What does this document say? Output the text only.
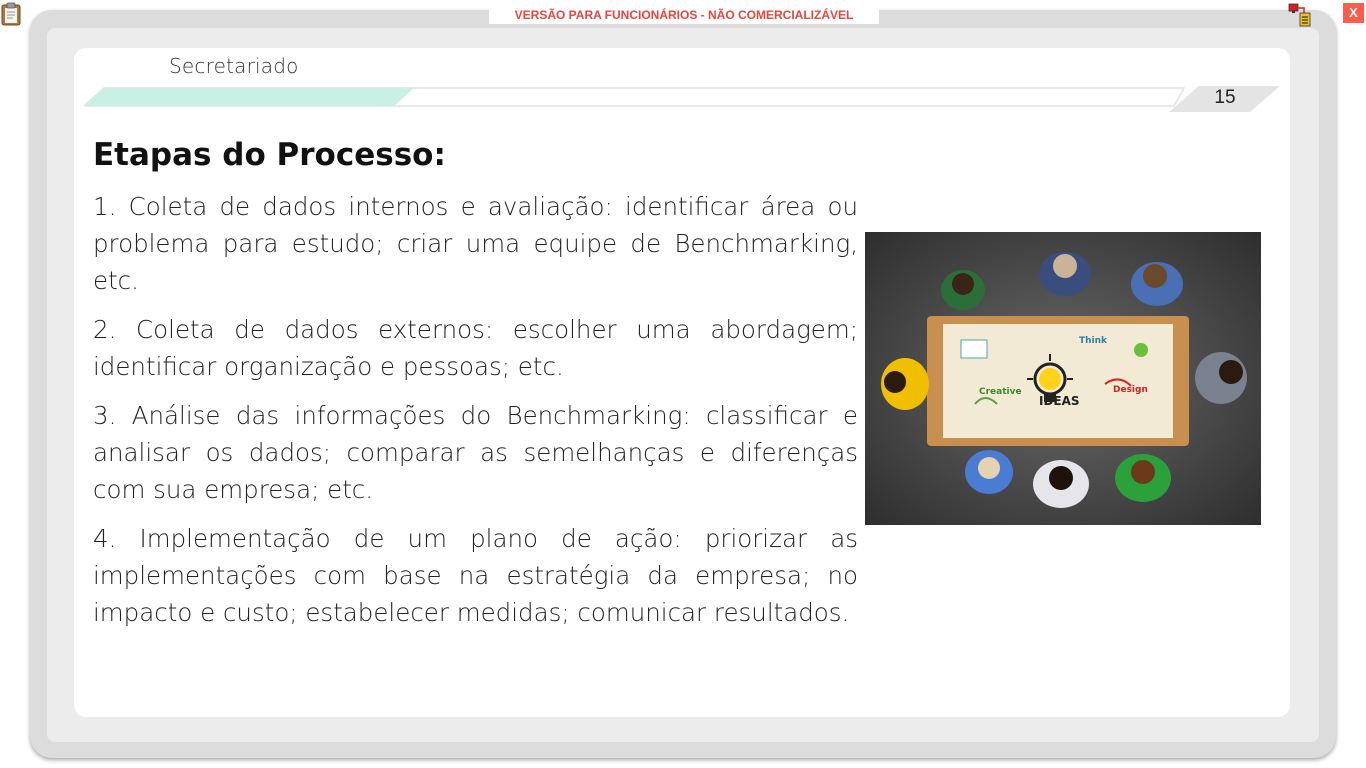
VERSÃO PARA FUNCIONÁRIOS - NÃO COMERCIALIZÁVEL	X
Secretariado
15
Etapas do Processo:

1. Coleta de dados internos e avaliação: identificar área ou problema para estudo; criar uma equipe de Benchmarking, etc.

2. Coleta de dados externos: escolher uma abordagem; identificar organização e pessoas; etc.

3. Análise das informações do Benchmarking: classificar e analisar os dados; comparar as semelhanças e diferenças com sua empresa; etc.

4. Implementação de um plano de ação: priorizar as implementações com base na estratégia da empresa; no impacto e custo; estabelecer medidas; comunicar resultados.

Think
Creative
IDEAS
Design
